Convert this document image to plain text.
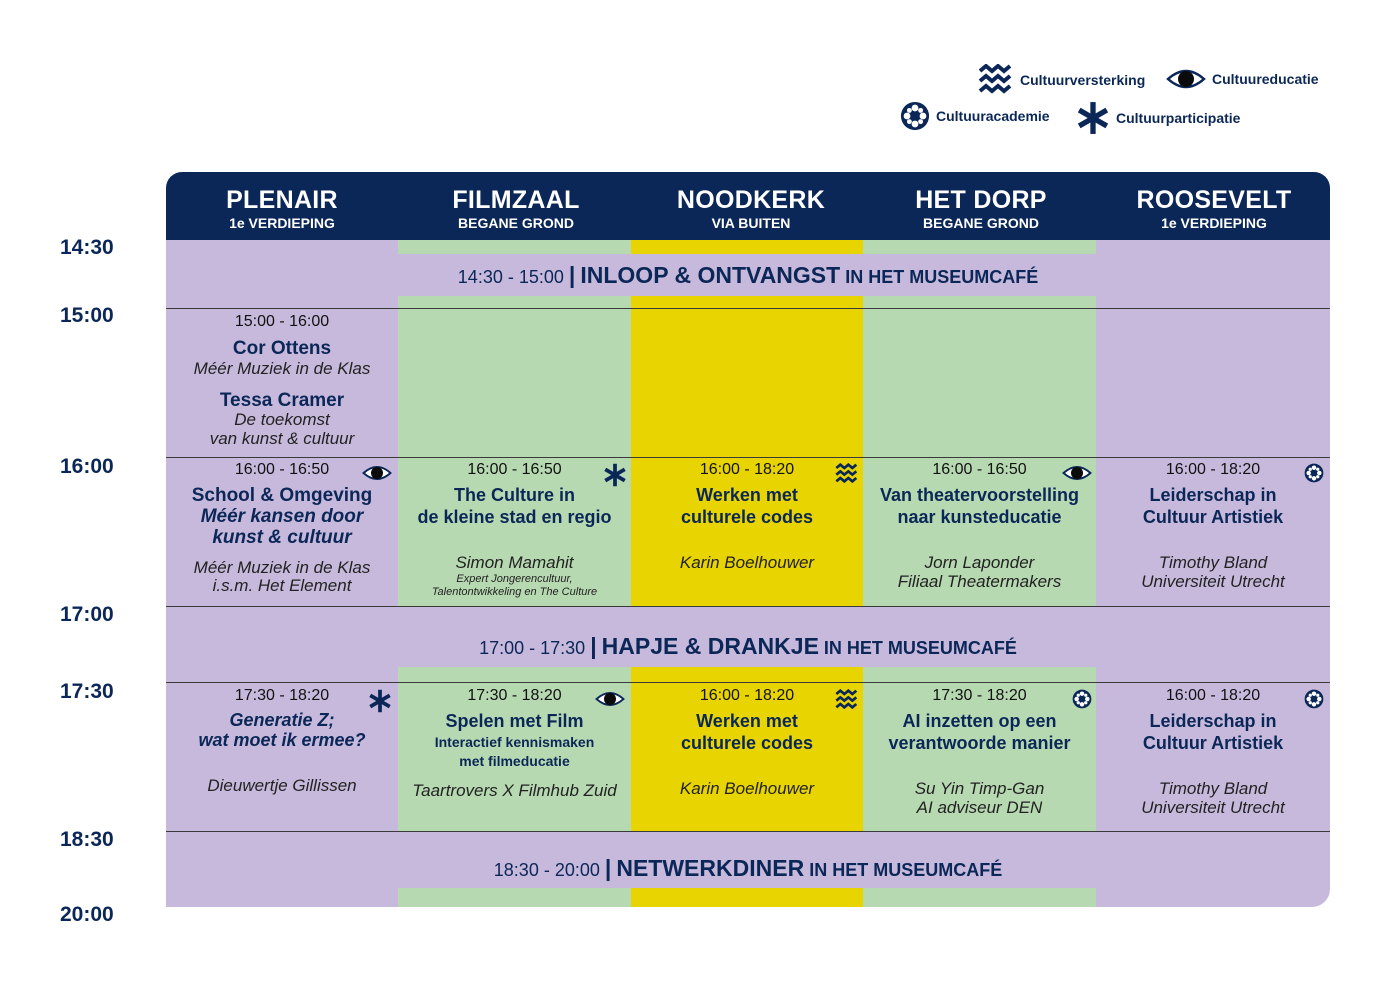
Cultuurversterking	Cultuureducatie
Cultuuracademie	Cultuurparticipatie
14:30
15:00
16:00
17:00
17:30
18:30
20:00
PLENAIR
1e VERDIEPING
FILMZAAL
BEGANE GROND
NOODKERK
VIA BUITEN
HET DORP
BEGANE GROND
ROOSEVELT
1e VERDIEPING
14:30 - 15:00 | INLOOP & ONTVANGST IN HET MUSEUMCAFÉ
15:00 - 16:00
Cor Ottens
Méér Muziek in de Klas
Tessa Cramer
De toekomst
van kunst & cultuur
16:00 - 16:50
School & Omgeving
Méér kansen door
kunst & cultuur
Méér Muziek in de Klas
i.s.m. Het Element
16:00 - 16:50
The Culture in
de kleine stad en regio
Simon Mamahit
Expert Jongerencultuur,
Talentontwikkeling en The Culture
16:00 - 18:20
Werken met
culturele codes
Karin Boelhouwer
16:00 - 16:50
Van theatervoorstelling
naar kunsteducatie
Jorn Laponder
Filiaal Theatermakers
16:00 - 18:20
Leiderschap in
Cultuur Artistiek
Timothy Bland
Universiteit Utrecht
17:00 - 17:30 | HAPJE & DRANKJE IN HET MUSEUMCAFÉ
17:30 - 18:20
Generatie Z;
wat moet ik ermee?
Dieuwertje Gillissen
17:30 - 18:20
Spelen met Film
Interactief kennismaken
met filmeducatie
Taartrovers X Filmhub Zuid
16:00 - 18:20
Werken met
culturele codes
Karin Boelhouwer
17:30 - 18:20
AI inzetten op een
verantwoorde manier
Su Yin Timp-Gan
AI adviseur DEN
16:00 - 18:20
Leiderschap in
Cultuur Artistiek
Timothy Bland
Universiteit Utrecht
18:30 - 20:00 | NETWERKDINER IN HET MUSEUMCAFÉ
